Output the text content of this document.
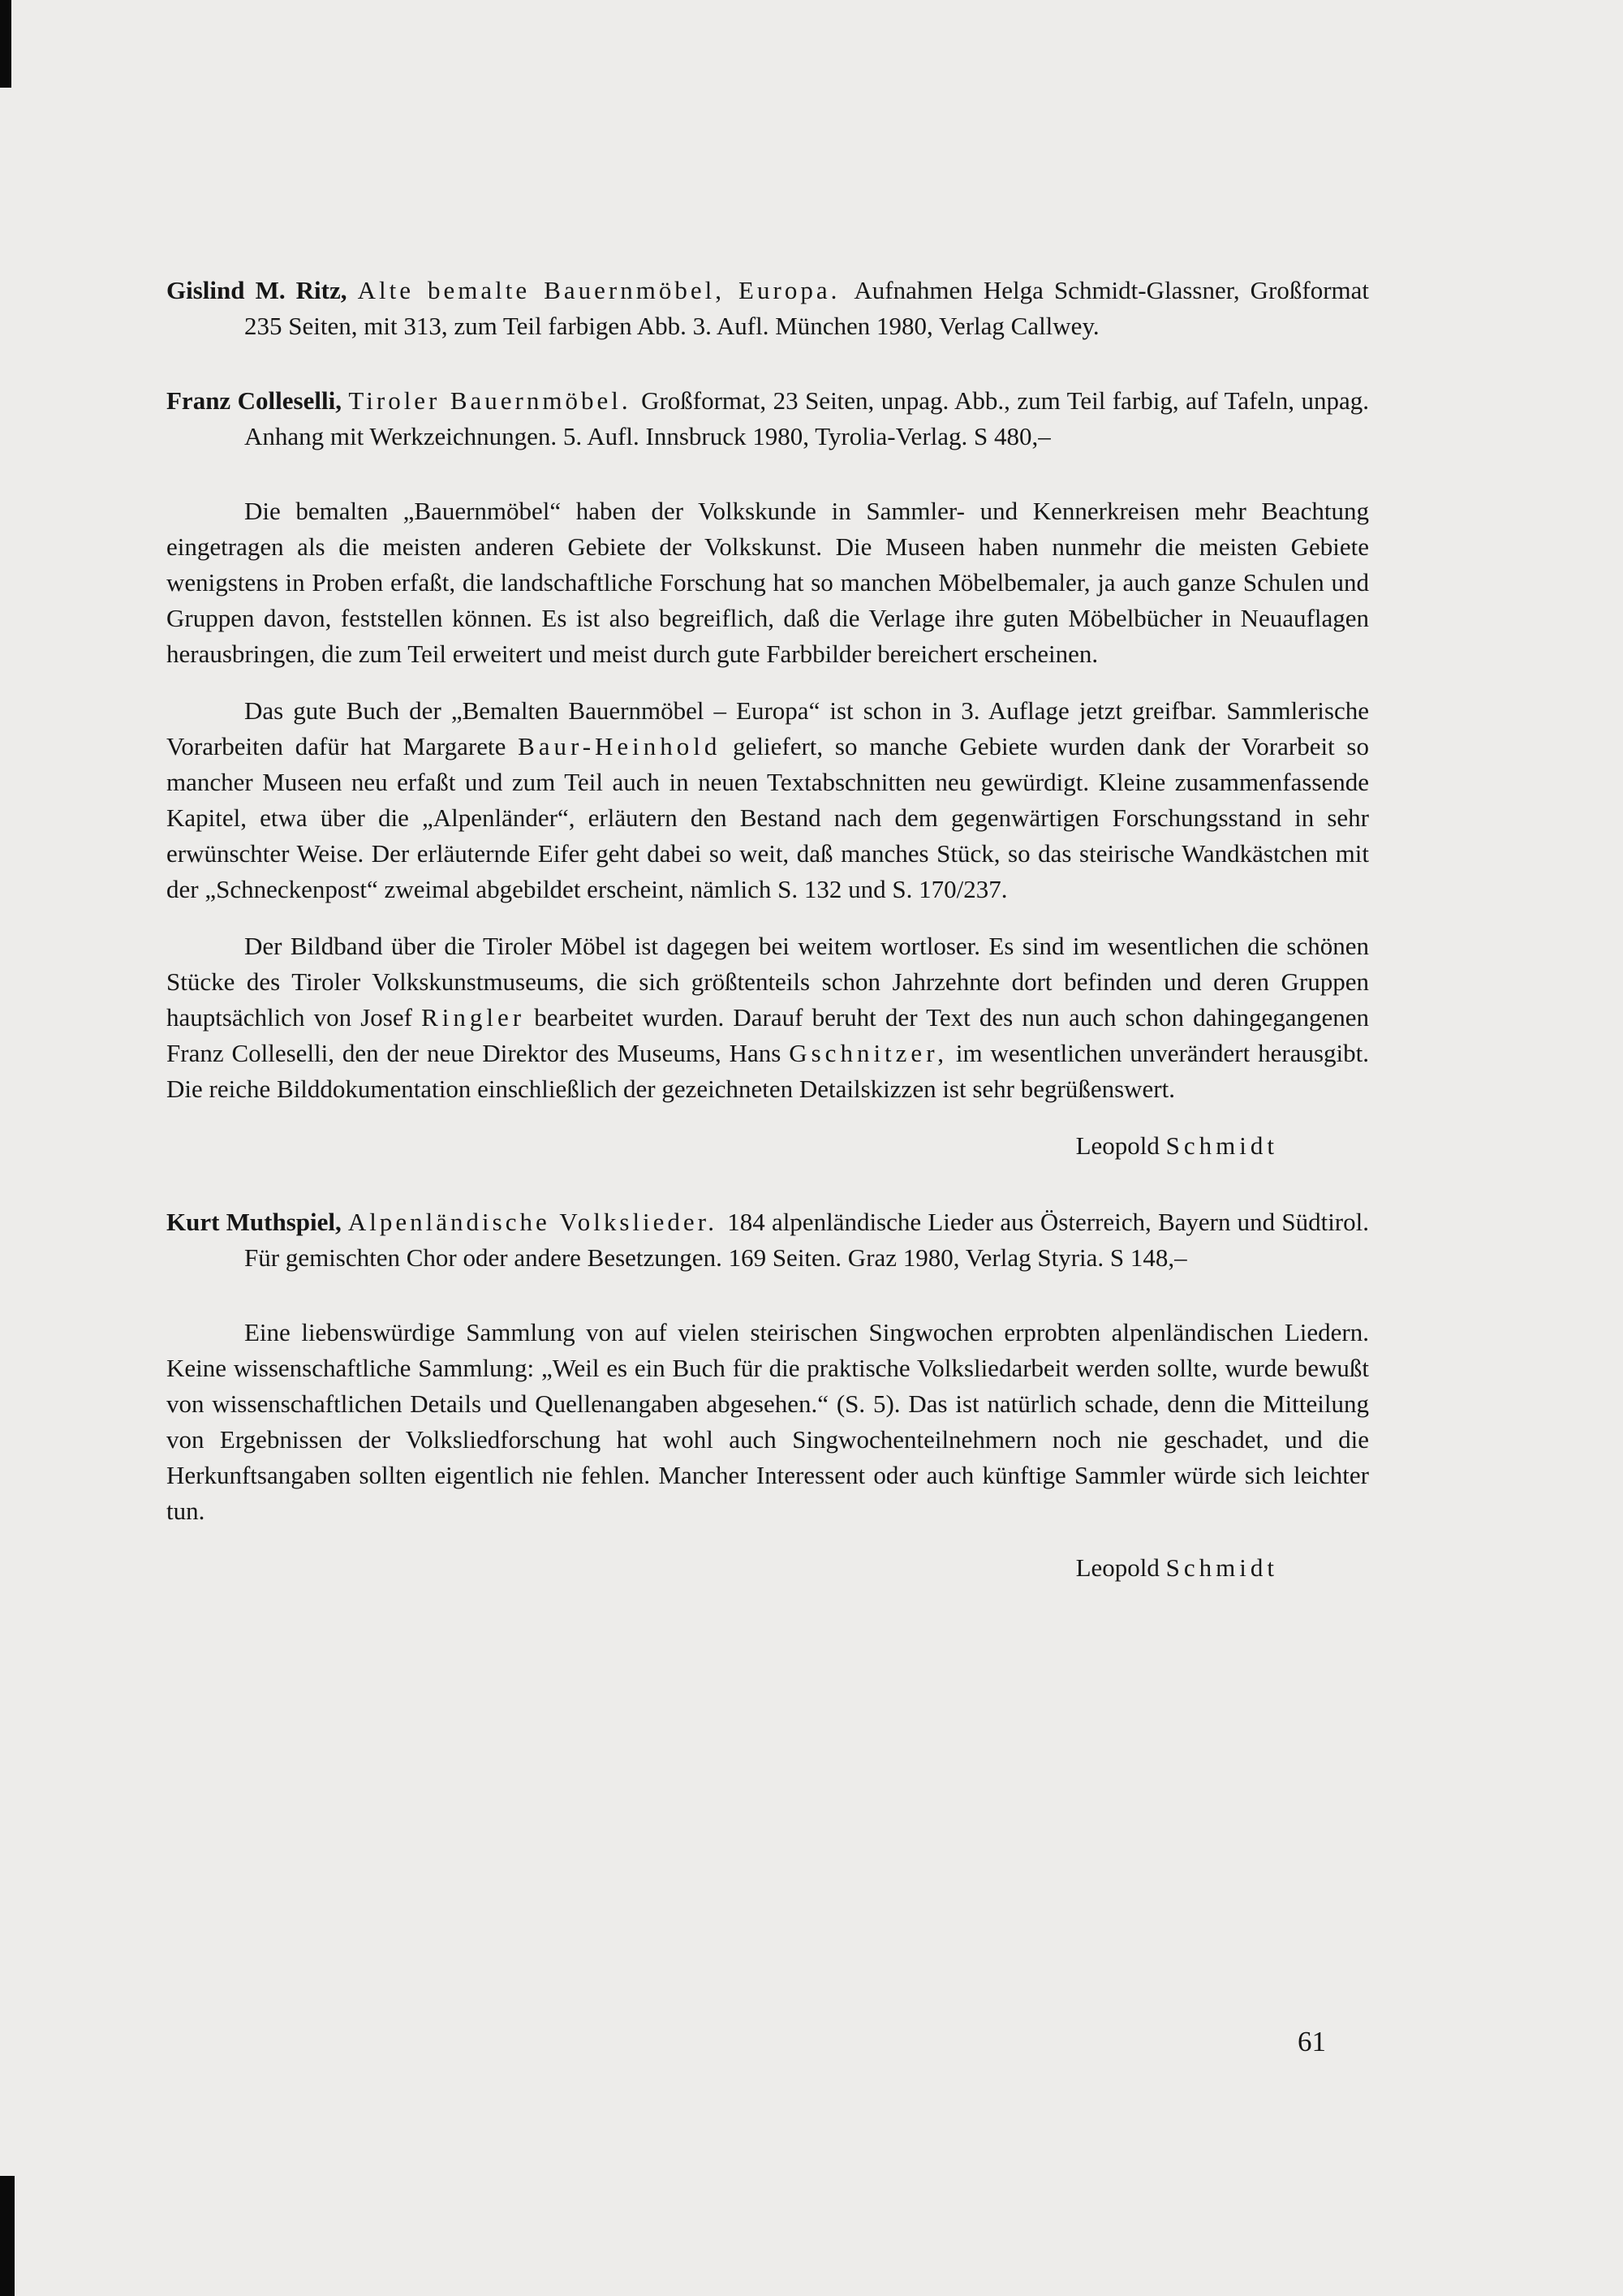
Gislind M. Ritz, Alte bemalte Bauernmöbel, Europa. Aufnahmen Helga Schmidt-Glassner, Großformat 235 Seiten, mit 313, zum Teil farbigen Abb. 3. Aufl. München 1980, Verlag Callwey.

Franz Colleselli, Tiroler Bauernmöbel. Großformat, 23 Seiten, unpag. Abb., zum Teil farbig, auf Tafeln, unpag. Anhang mit Werkzeichnungen. 5. Aufl. Innsbruck 1980, Tyrolia-Verlag. S 480,–

Die bemalten „Bauernmöbel“ haben der Volkskunde in Sammler- und Kennerkreisen mehr Beachtung eingetragen als die meisten anderen Gebiete der Volkskunst. Die Museen haben nunmehr die meisten Gebiete wenigstens in Proben erfaßt, die landschaftliche Forschung hat so manchen Möbelbemaler, ja auch ganze Schulen und Gruppen davon, feststellen können. Es ist also begreiflich, daß die Verlage ihre guten Möbelbücher in Neuauflagen herausbringen, die zum Teil erweitert und meist durch gute Farbbilder bereichert erscheinen.

Das gute Buch der „Bemalten Bauernmöbel – Europa“ ist schon in 3. Auflage jetzt greifbar. Sammlerische Vorarbeiten dafür hat Margarete Baur-Heinhold geliefert, so manche Gebiete wurden dank der Vorarbeit so mancher Museen neu erfaßt und zum Teil auch in neuen Textabschnitten neu gewürdigt. Kleine zusammenfassende Kapitel, etwa über die „Alpenländer“, erläutern den Bestand nach dem gegenwärtigen Forschungsstand in sehr erwünschter Weise. Der erläuternde Eifer geht dabei so weit, daß manches Stück, so das steirische Wandkästchen mit der „Schneckenpost“ zweimal abgebildet erscheint, nämlich S. 132 und S. 170/237.

Der Bildband über die Tiroler Möbel ist dagegen bei weitem wortloser. Es sind im wesentlichen die schönen Stücke des Tiroler Volkskunstmuseums, die sich größtenteils schon Jahrzehnte dort befinden und deren Gruppen hauptsächlich von Josef Ringler bearbeitet wurden. Darauf beruht der Text des nun auch schon dahingegangenen Franz Colleselli, den der neue Direktor des Museums, Hans Gschnitzer, im wesentlichen unverändert herausgibt. Die reiche Bilddokumentation einschließlich der gezeichneten Detailskizzen ist sehr begrüßenswert.

Leopold Schmidt

Kurt Muthspiel, Alpenländische Volkslieder. 184 alpenländische Lieder aus Österreich, Bayern und Südtirol. Für gemischten Chor oder andere Besetzungen. 169 Seiten. Graz 1980, Verlag Styria. S 148,–

Eine liebenswürdige Sammlung von auf vielen steirischen Singwochen erprobten alpenländischen Liedern. Keine wissenschaftliche Sammlung: „Weil es ein Buch für die praktische Volksliedarbeit werden sollte, wurde bewußt von wissenschaftlichen Details und Quellenangaben abgesehen.“ (S. 5). Das ist natürlich schade, denn die Mitteilung von Ergebnissen der Volksliedforschung hat wohl auch Singwochenteilnehmern noch nie geschadet, und die Herkunftsangaben sollten eigentlich nie fehlen. Mancher Interessent oder auch künftige Sammler würde sich leichter tun.

Leopold Schmidt

61
